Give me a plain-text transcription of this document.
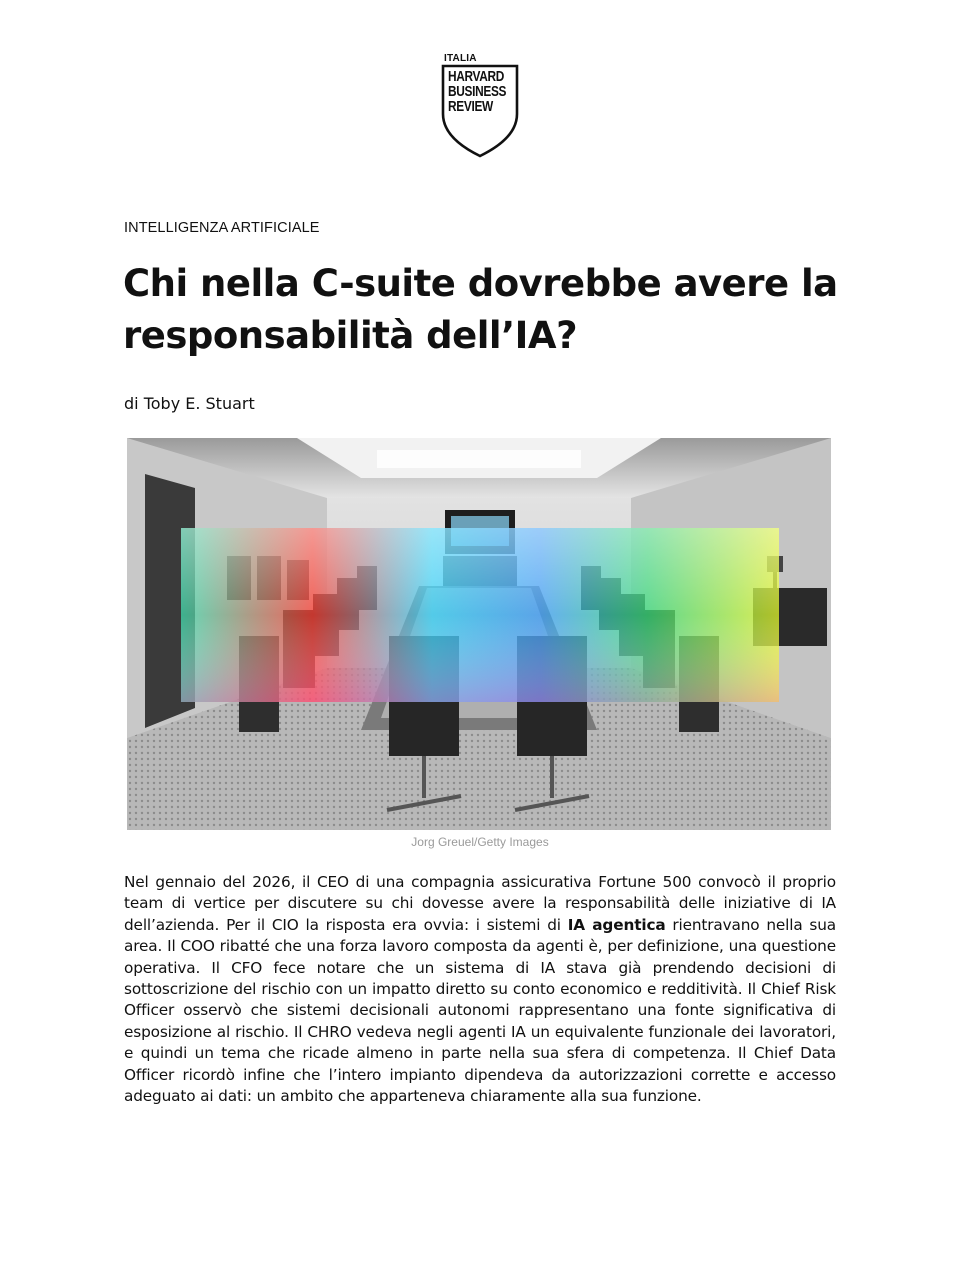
ITALIA
HARVARD
BUSINESS
REVIEW
INTELLIGENZA ARTIFICIALE
Chi nella C-suite dovrebbe avere la responsabilità dell’IA?
di Toby E. Stuart
Jorg Greuel/Getty Images

Nel gennaio del 2026, il CEO di una compagnia assicurativa Fortune 500 convocò il proprio team di vertice per discutere su chi dovesse avere la responsabilità delle iniziative di IA dell’azienda. Per il CIO la risposta era ovvia: i sistemi di IA agentica rientravano nella sua area. Il COO ribatté che una forza lavoro composta da agenti è, per definizione, una questione operativa. Il CFO fece notare che un sistema di IA stava già prendendo decisioni di sottoscrizione del rischio con un impatto diretto su conto economico e redditività. Il Chief Risk Officer osservò che sistemi decisionali autonomi rappresentano una fonte significativa di esposizione al rischio. Il CHRO vedeva negli agenti IA un equivalente funzionale dei lavoratori, e quindi un tema che ricade almeno in parte nella sua sfera di competenza. Il Chief Data Officer ricordò infine che l’intero impianto dipendeva da autorizzazioni corrette e accesso adeguato ai dati: un ambito che apparteneva chiaramente alla sua funzione.
